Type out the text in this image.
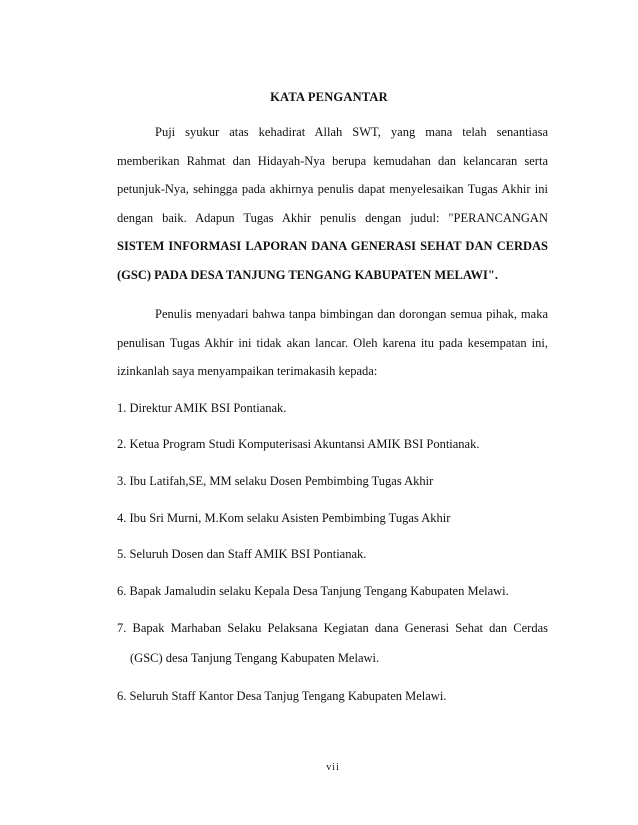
KATA PENGANTAR
Puji syukur atas kehadirat Allah SWT, yang mana telah senantiasa
memberikan Rahmat dan Hidayah-Nya berupa kemudahan dan kelancaran serta
petunjuk-Nya, sehingga pada akhirnya penulis dapat menyelesaikan Tugas Akhir ini
dengan baik. Adapun Tugas Akhir penulis dengan judul: "PERANCANGAN
SISTEM INFORMASI LAPORAN DANA GENERASI SEHAT DAN CERDAS
(GSC) PADA DESA TANJUNG TENGANG KABUPATEN MELAWI".
Penulis menyadari bahwa tanpa bimbingan dan dorongan semua pihak, maka
penulisan Tugas Akhir ini tidak akan lancar. Oleh karena itu pada kesempatan ini,
izinkanlah saya menyampaikan terimakasih kepada:
1. Direktur AMIK BSI Pontianak.
2. Ketua Program Studi Komputerisasi Akuntansi AMIK BSI Pontianak.
3. Ibu Latifah,SE, MM selaku Dosen Pembimbing Tugas Akhir
4. Ibu Sri Murni, M.Kom selaku Asisten Pembimbing Tugas Akhir
5. Seluruh Dosen dan Staff AMIK BSI Pontianak.
6. Bapak Jamaludin selaku Kepala Desa Tanjung Tengang Kabupaten Melawi.
7. Bapak Marhaban Selaku Pelaksana Kegiatan dana Generasi Sehat dan Cerdas
(GSC) desa Tanjung Tengang Kabupaten Melawi.
6. Seluruh Staff Kantor Desa Tanjug Tengang Kabupaten Melawi.
vii
